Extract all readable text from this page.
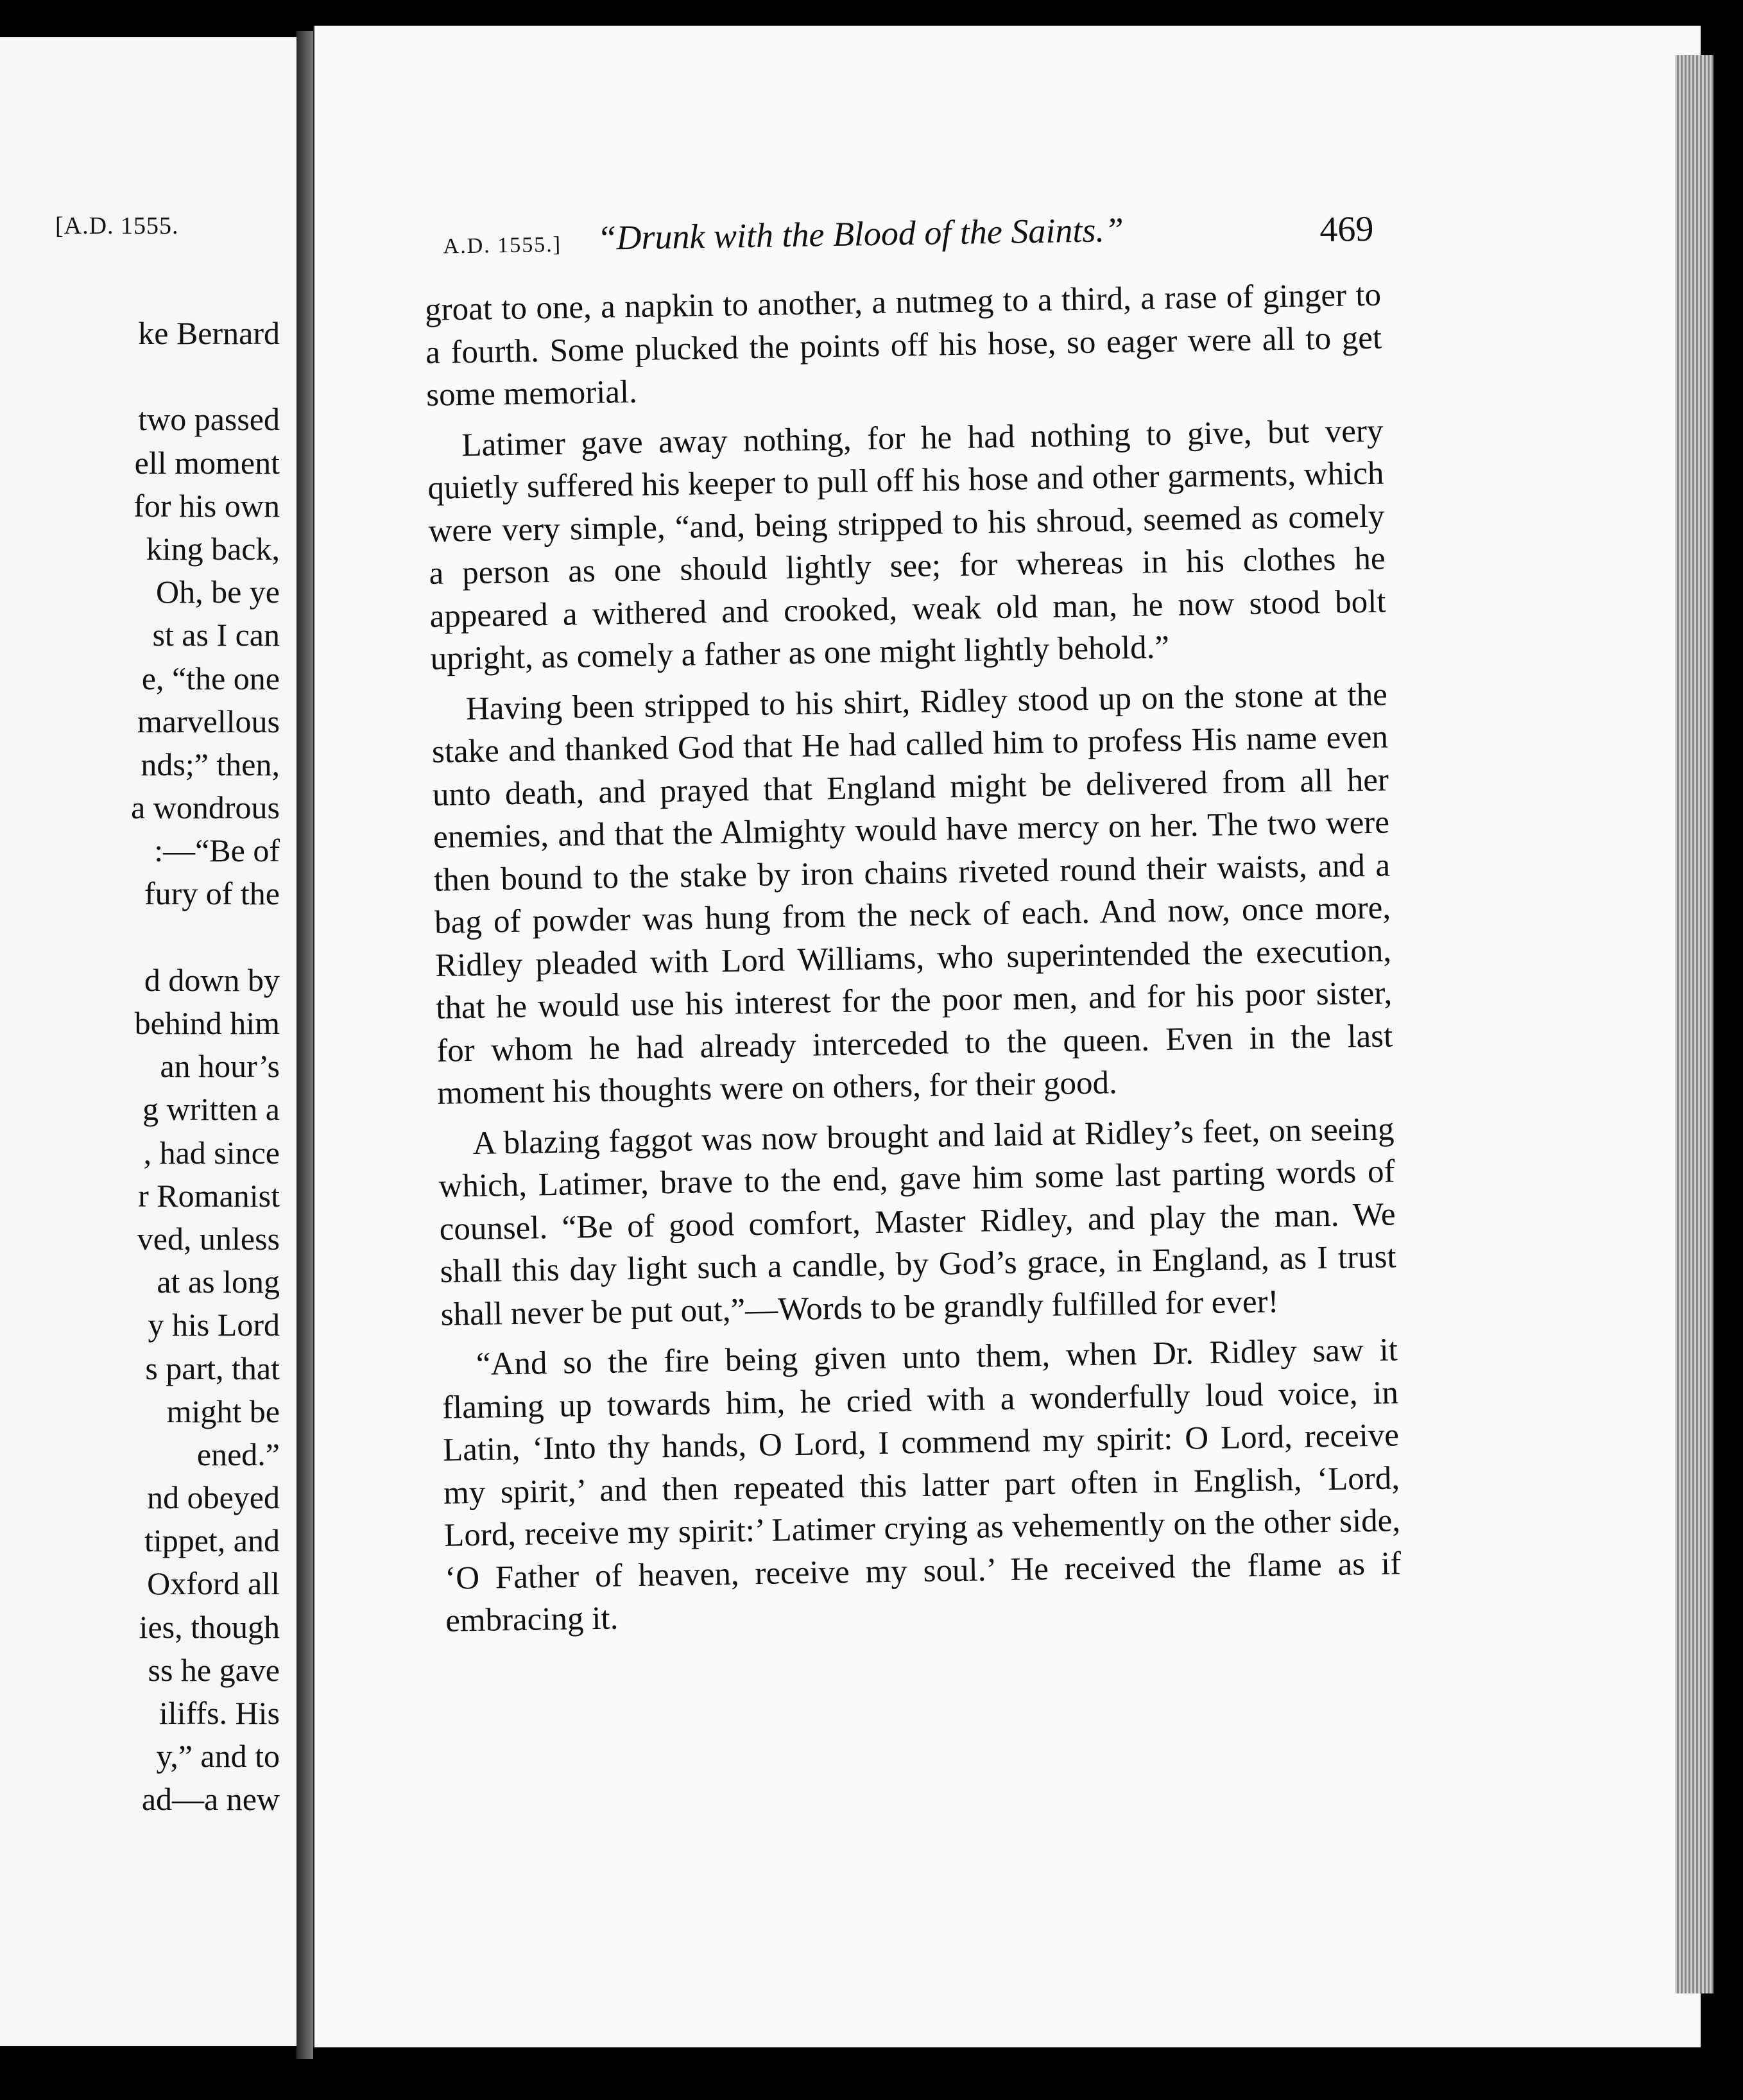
[A.D. 1555.
ke Bernard
two passed
ell moment
for his own
king back,
Oh, be ye
st as I can
e, “the one
marvellous
nds;” then,
a wondrous
:—“Be of
fury of the
d down by
behind him
an hour’s
g written a
, had since
r Romanist
ved, unless
at as long
y his Lord
s part, that
might be
ened.”
nd obeyed
tippet, and
Oxford all
ies, though
ss he gave
iliffs. His
y,” and to
ad—a new
A.D. 1555.] “Drunk with the Blood of the Saints.”	469

groat to one, a napkin to another, a nutmeg to a third, a rase of ginger to a fourth. Some plucked the points off his hose, so eager were all to get some memorial.

Latimer gave away nothing, for he had nothing to give, but very quietly suffered his keeper to pull off his hose and other garments, which were very simple, “and, being stripped to his shroud, seemed as comely a person as one should lightly see; for whereas in his clothes he appeared a withered and crooked, weak old man, he now stood bolt upright, as comely a father as one might lightly behold.”

Having been stripped to his shirt, Ridley stood up on the stone at the stake and thanked God that He had called him to profess His name even unto death, and prayed that England might be delivered from all her enemies, and that the Almighty would have mercy on her. The two were then bound to the stake by iron chains riveted round their waists, and a bag of powder was hung from the neck of each. And now, once more, Ridley pleaded with Lord Williams, who superintended the execution, that he would use his interest for the poor men, and for his poor sister, for whom he had already interceded to the queen. Even in the last moment his thoughts were on others, for their good.

A blazing faggot was now brought and laid at Ridley’s feet, on seeing which, Latimer, brave to the end, gave him some last parting words of counsel. “Be of good comfort, Master Ridley, and play the man. We shall this day light such a candle, by God’s grace, in England, as I trust shall never be put out,”—Words to be grandly fulfilled for ever!

“And so the fire being given unto them, when Dr. Ridley saw it flaming up towards him, he cried with a wonderfully loud voice, in Latin, ‘Into thy hands, O Lord, I commend my spirit: O Lord, receive my spirit,’ and then repeated this latter part often in English, ‘Lord, Lord, receive my spirit:’ Latimer crying as vehemently on the other side, ‘O Father of heaven, receive my soul.’ He received the flame as if embracing it.
